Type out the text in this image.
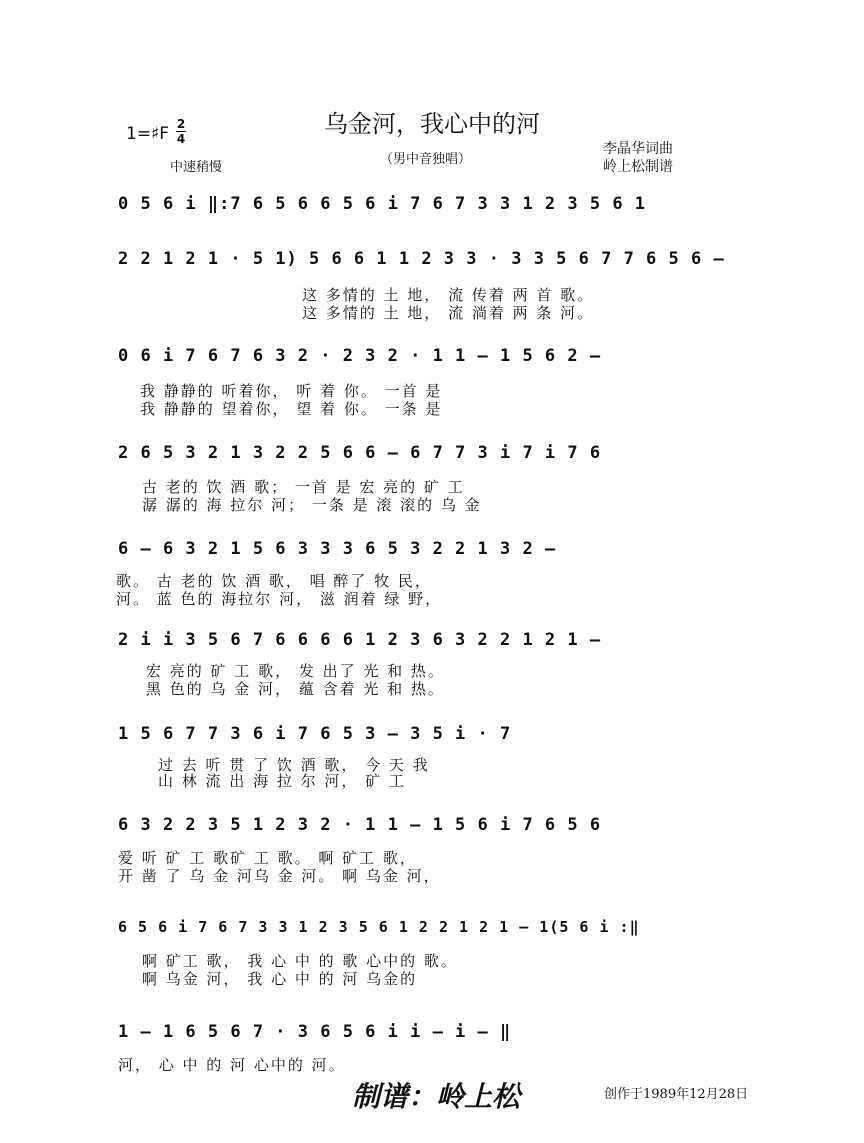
乌金河，我心中的河
（男中音独唱）
李晶华词曲
岭上松制谱
1=♯F 2
4
中速稍慢
0 5 6 i ‖:7 6 5 6 6 5 6 i 7 6 7 3 3 1 2 3 5 6 1
2 2 1 2 1 · 5 1) 5 6 6 1 1 2 3 3 · 3 3 5 6 7 7 6 5 6 –
这 多情的 土 地， 流 传着 两 首 歌。
这 多情的 土 地， 流 淌着 两 条 河。
0 6 i 7 6 7 6 3 2 · 2 3 2 · 1 1 – 1 5 6 2 –
我 静静的 听着你， 听 着 你。 一首 是
我 静静的 望着你， 望 着 你。 一条 是
2 6 5 3 2 1 3 2 2 5 6 6 – 6 7 7 3 i 7 i 7 6
古 老的 饮 酒 歌； 一首 是 宏 亮的 矿 工
潺 潺的 海 拉尔 河； 一条 是 滚 滚的 乌 金
6 – 6 3 2 1 5 6 3 3 3 6 5 3 2 2 1 3 2 –
歌。 古 老的 饮 酒 歌， 唱 醉了 牧 民，
河。 蓝 色的 海拉尔 河， 滋 润着 绿 野，
2 i i 3 5 6 7 6 6 6 6 1 2 3 6 3 2 2 1 2 1 –
宏 亮的 矿 工 歌， 发 出了 光 和 热。
黑 色的 乌 金 河， 蕴 含着 光 和 热。
1 5 6 7 7 3 6 i 7 6 5 3 – 3 5 i · 7
过 去 听 贯 了 饮 酒 歌， 今 天 我
山 林 流 出 海 拉 尔 河， 矿 工
6 3 2 2 3 5 1 2 3 2 · 1 1 – 1 5 6 i 7 6 5 6
爱 听 矿 工 歌矿 工 歌。 啊 矿工 歌，
开 凿 了 乌 金 河乌 金 河。 啊 乌金 河，
6 5 6 i 7 6 7 3 3 1 2 3 5 6 1 2 2 1 2 1 – 1(5 6 i :‖
啊 矿工 歌， 我 心 中 的 歌 心中的 歌。
啊 乌金 河， 我 心 中 的 河 乌金的
1 – 1 6 5 6 7 · 3 6 5 6 i i – i – ‖
河， 心 中 的 河 心中的 河。
制谱：岭上松	创作于1989年12月28日
